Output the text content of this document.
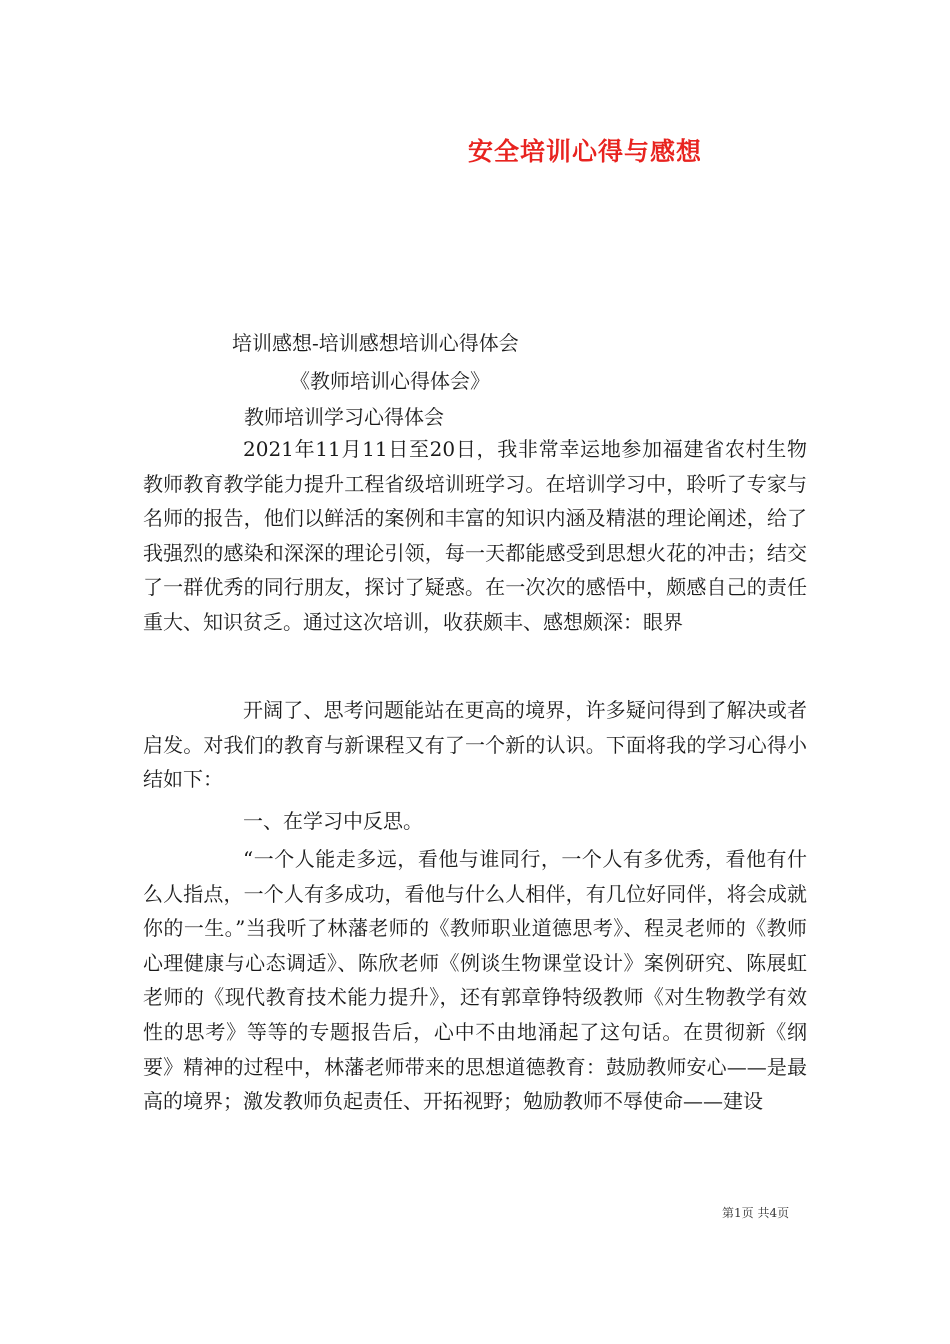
安全培训心得与感想
培训感想-培训感想培训心得体会
《教师培训心得体会》
教师培训学习心得体会

2021年11月11日至20日，我非常幸运地参加福建省农村生物教师教育教学能力提升工程省级培训班学习。在培训学习中，聆听了专家与名师的报告，他们以鲜活的案例和丰富的知识内涵及精湛的理论阐述，给了我强烈的感染和深深的理论引领，每一天都能感受到思想火花的冲击；结交了一群优秀的同行朋友，探讨了疑惑。在一次次的感悟中，颇感自己的责任重大、知识贫乏。通过这次培训，收获颇丰、感想颇深：眼界

开阔了、思考问题能站在更高的境界，许多疑问得到了解决或者启发。对我们的教育与新课程又有了一个新的认识。下面将我的学习心得小结如下：

一、在学习中反思。

“一个人能走多远，看他与谁同行，一个人有多优秀，看他有什么人指点，一个人有多成功，看他与什么人相伴，有几位好同伴，将会成就你的一生。”当我听了林藩老师的《教师职业道德思考》、程灵老师的《教师心理健康与心态调适》、陈欣老师《例谈生物课堂设计》案例研究、陈展虹老师的《现代教育技术能力提升》，还有郭章铮特级教师《对生物教学有效性的思考》等等的专题报告后，心中不由地涌起了这句话。在贯彻新《纲要》精神的过程中，林藩老师带来的思想道德教育：鼓励教师安心——是最高的境界；激发教师负起责任、开拓视野；勉励教师不辱使命——建设

第1页 共4页
